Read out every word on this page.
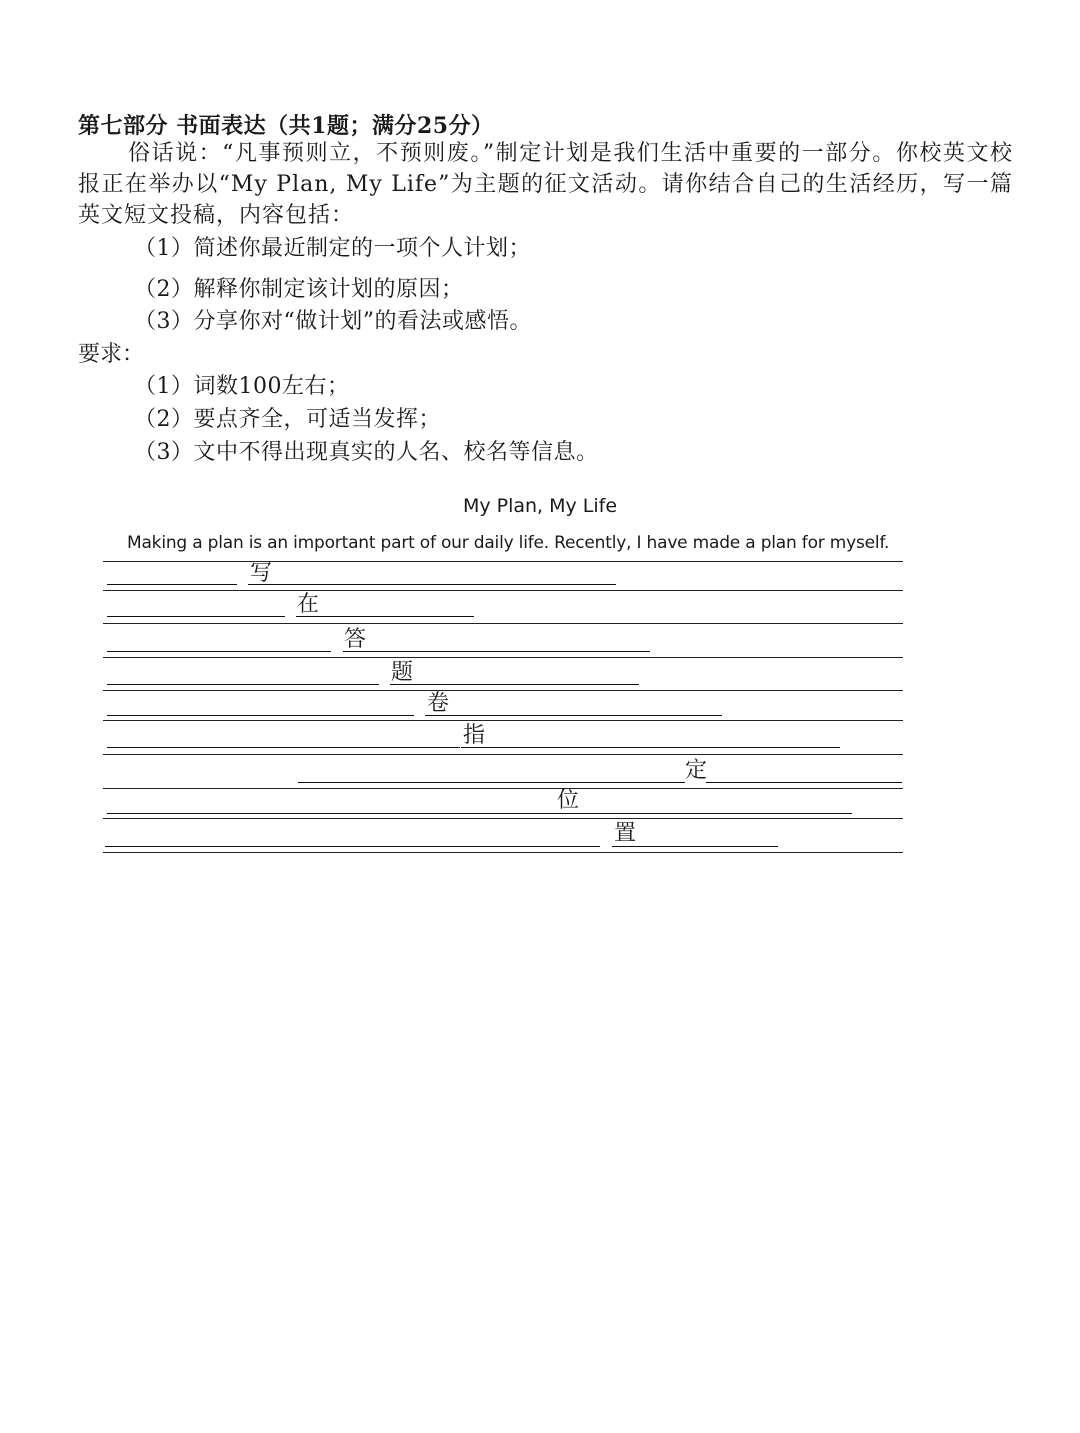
第七部分 书面表达（共1题；满分25分）
俗话说：“凡事预则立，不预则废。”制定计划是我们生活中重要的一部分。你校英文校报正在举办以“My Plan, My Life”为主题的征文活动。请你结合自己的生活经历，写一篇英文短文投稿，内容包括：
（1）简述你最近制定的一项个人计划；
（2）解释你制定该计划的原因；
（3）分享你对“做计划”的看法或感悟。
要求：
（1）词数100左右；
（2）要点齐全，可适当发挥；
（3）文中不得出现真实的人名、校名等信息。
My Plan, My Life
Making a plan is an important part of our daily life. Recently, I have made a plan for myself.
写
在
答
题
卷
指
定
位
置
